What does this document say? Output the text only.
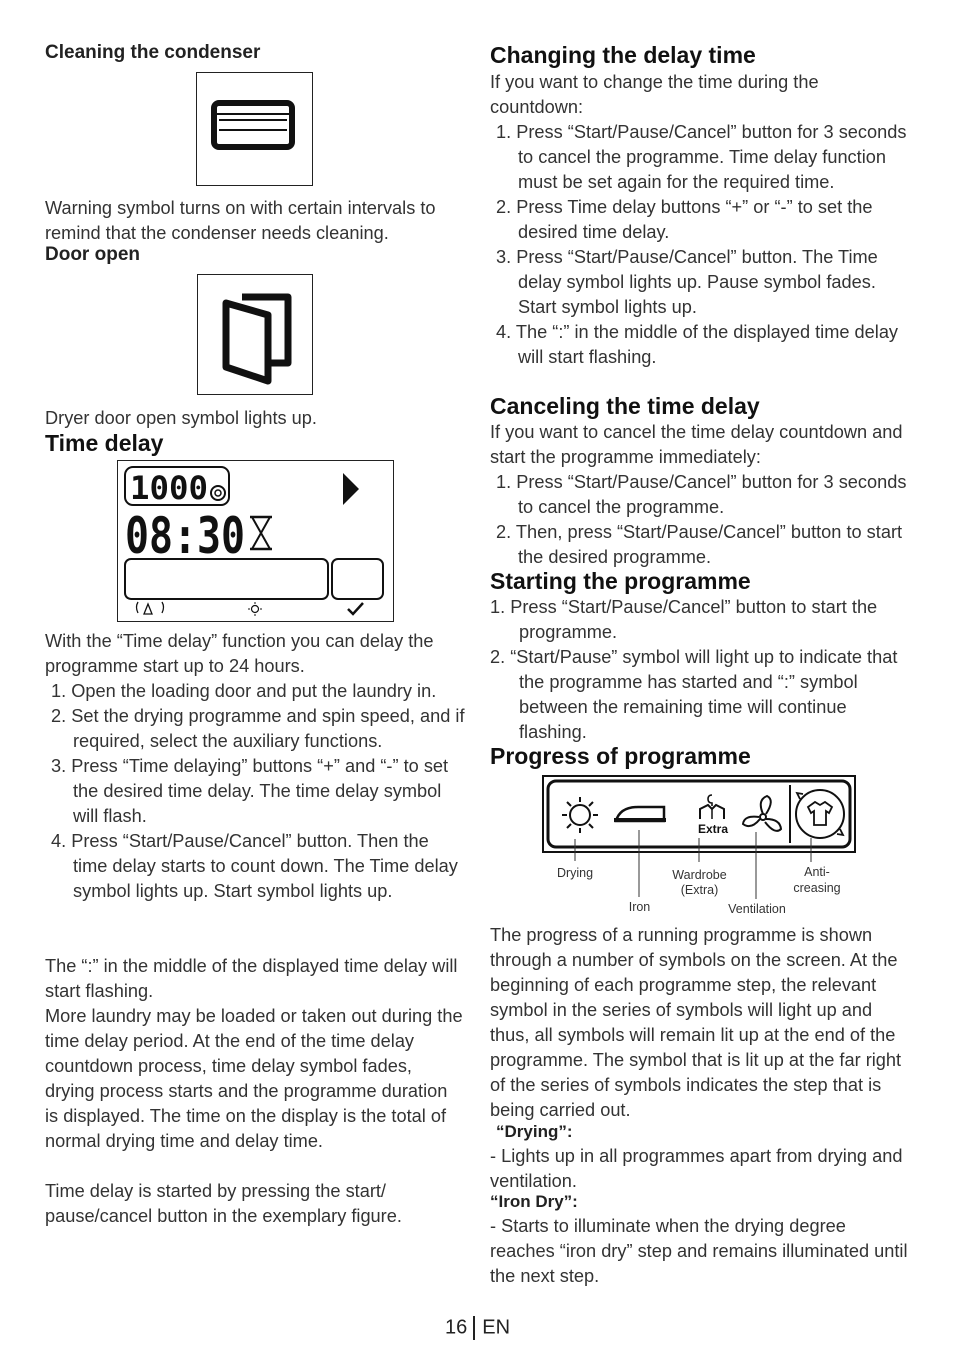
Cleaning the condenser

Warning symbol turns on with certain intervals to remind that the condenser needs cleaning.

Door open

Dryer door open symbol lights up.

Time delay
1000
08:30

With the “Time delay” function you can delay the programme start up to 24 hours.

1. Open the loading door and put the laundry in.
2. Set the drying programme and spin speed, and if required, select the auxiliary functions.
3. Press “Time delaying” buttons “+” and “-” to set the desired time delay. The time delay symbol will flash.
4. Press “Start/Pause/Cancel” button. Then the time delay starts to count down. The Time delay symbol lights up. Start symbol lights up.

The “:” in the middle of the displayed time delay will start flashing.

More laundry may be loaded or taken out during the time delay period. At the end of the time delay countdown process, time delay symbol fades, drying process starts and the programme duration is displayed. The time on the display is the total of normal drying time and delay time.

Time delay is started by pressing the start/ pause/cancel button in the exemplary figure.

Changing the delay time

If you want to change the time during the countdown:

1. Press “Start/Pause/Cancel” button for 3 seconds to cancel the programme. Time delay function must be set again for the required time.
2. Press Time delay buttons “+” or “-” to set the desired time delay.
3. Press “Start/Pause/Cancel” button. The Time delay symbol lights up. Pause symbol fades. Start symbol lights up.
4. The “:” in the middle of the displayed time delay will start flashing.
Canceling the time delay

If you want to cancel the time delay countdown and start the programme immediately:

1. Press “Start/Pause/Cancel” button for 3 seconds to cancel the programme.
2. Then, press “Start/Pause/Cancel” button to start the desired programme.
Starting the programme
1. Press “Start/Pause/Cancel” button to start the programme.
2. “Start/Pause” symbol will light up to indicate that the programme has started and “:” symbol between the remaining time will continue flashing.
Progress of programme
Extra
Drying
Iron
Wardrobe
(Extra)
Ventilation
Anti-
creasing

The progress of a running programme is shown through a number of symbols on the screen. At the beginning of each programme step, the relevant symbol in the series of symbols will light up and thus, all symbols will remain lit up at the end of the programme. The symbol that is lit up at the far right of the series of symbols indicates the step that is being carried out.

“Drying”:

- Lights up in all programmes apart from drying and ventilation.

“Iron Dry”:

- Starts to illuminate when the drying degree reaches “iron dry” step and remains illuminated until the next step.

16 EN
